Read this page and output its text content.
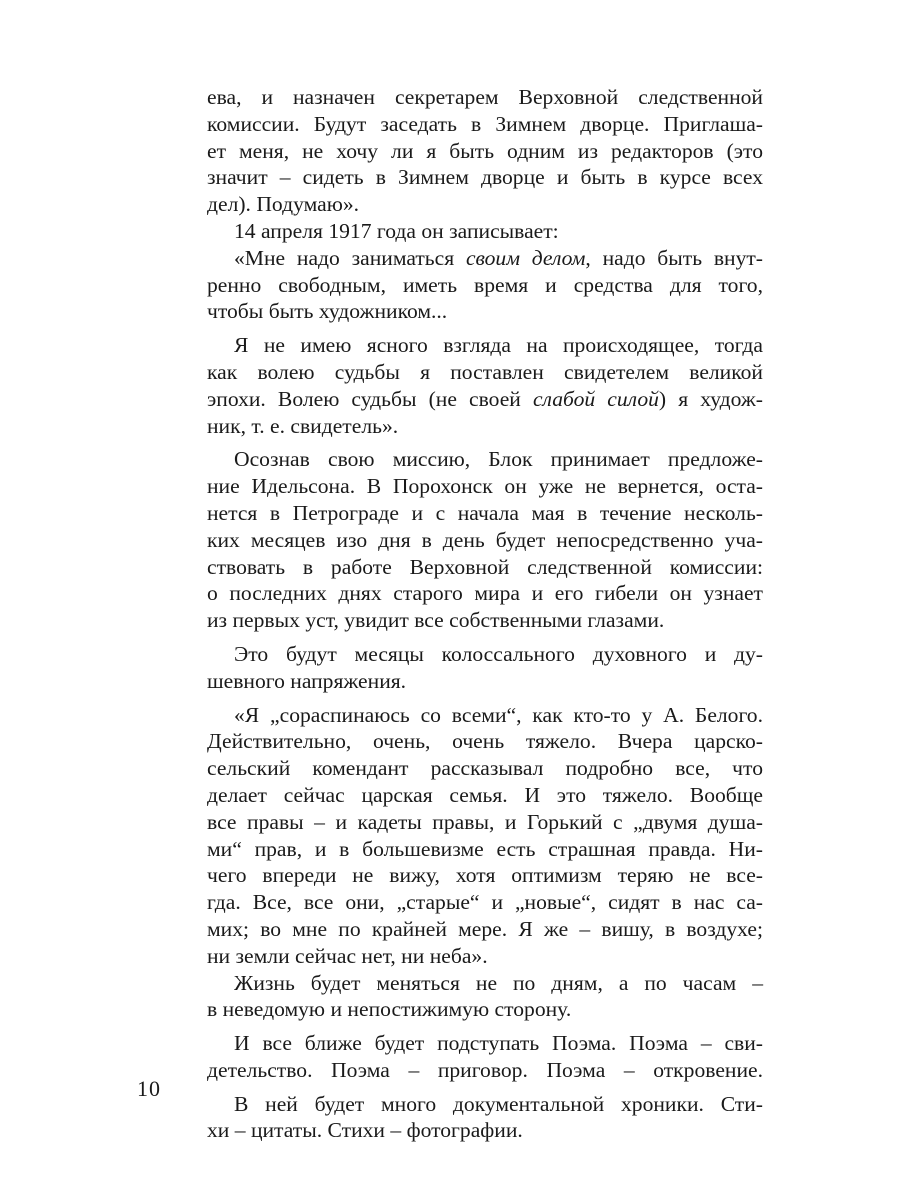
ева, и назначен секретарем Верховной следственной
комиссии. Будут заседать в Зимнем дворце. Приглаша-
ет меня, не хочу ли я быть одним из редакторов (это
значит – сидеть в Зимнем дворце и быть в курсе всех
дел). Подумаю».
14 апреля 1917 года он записывает:
«Мне надо заниматься своим делом, надо быть внут-
ренно свободным, иметь время и средства для того,
чтобы быть художником...
Я не имею ясного взгляда на происходящее, тогда
как волею судьбы я поставлен свидетелем великой
эпохи. Волею судьбы (не своей слабой силой) я худож-
ник, т. е. свидетель».
Осознав свою миссию, Блок принимает предложе-
ние Идельсона. В Порохонск он уже не вернется, оста-
нется в Петрограде и с начала мая в течение несколь-
ких месяцев изо дня в день будет непосредственно уча-
ствовать в работе Верховной следственной комиссии:
о последних днях старого мира и его гибели он узнает
из первых уст, увидит все собственными глазами.
Это будут месяцы колоссального духовного и ду-
шевного напряжения.
«Я „сораспинаюсь со всеми“, как кто-то у А. Белого.
Действительно, очень, очень тяжело. Вчера царско-
сельский комендант рассказывал подробно все, что
делает сейчас царская семья. И это тяжело. Вообще
все правы – и кадеты правы, и Горький с „двумя душа-
ми“ прав, и в большевизме есть страшная правда. Ни-
чего впереди не вижу, хотя оптимизм теряю не все-
гда. Все, все они, „старые“ и „новые“, сидят в нас са-
мих; во мне по крайней мере. Я же – вишу, в воздухе;
ни земли сейчас нет, ни неба».
Жизнь будет меняться не по дням, а по часам –
в неведомую и непостижимую сторону.
И все ближе будет подступать Поэма. Поэма – сви-
детельство. Поэма – приговор. Поэма – откровение.
В ней будет много документальной хроники. Сти-
хи – цитаты. Стихи – фотографии.
10
